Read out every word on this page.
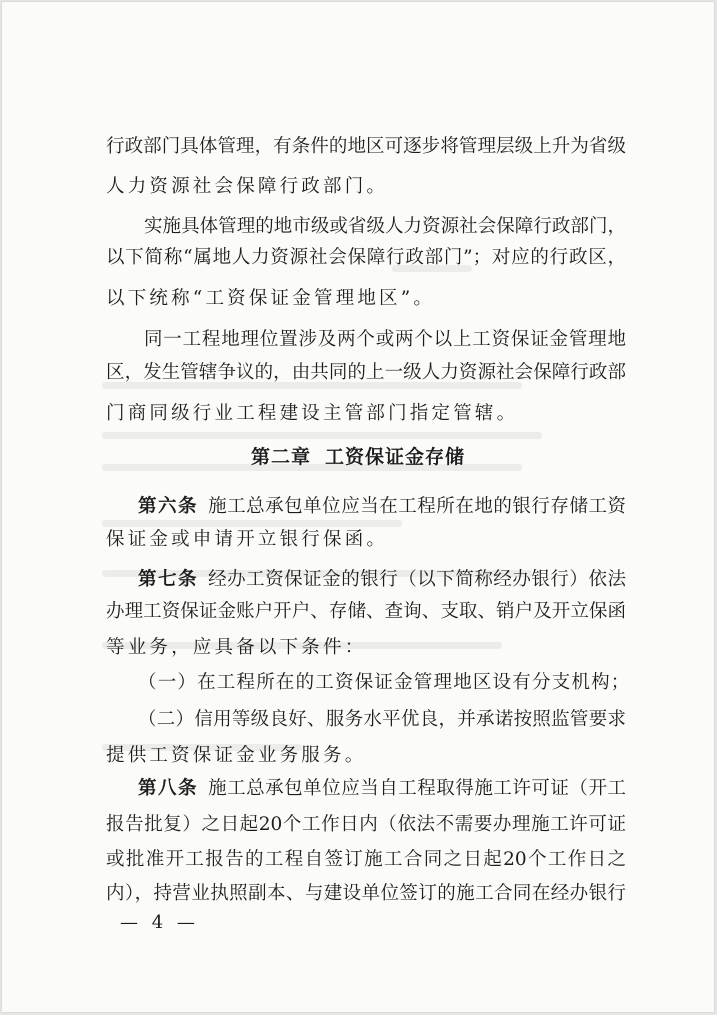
行政部门具体管理，有条件的地区可逐步将管理层级上升为省级
人力资源社会保障行政部门。
实施具体管理的地市级或省级人力资源社会保障行政部门，
以下简称“属地人力资源社会保障行政部门”；对应的行政区，
以下统称“工资保证金管理地区”。
同一工程地理位置涉及两个或两个以上工资保证金管理地
区，发生管辖争议的，由共同的上一级人力资源社会保障行政部
门商同级行业工程建设主管部门指定管辖。
第二章 工资保证金存储
第六条 施工总承包单位应当在工程所在地的银行存储工资
保证金或申请开立银行保函。
第七条 经办工资保证金的银行（以下简称经办银行）依法
办理工资保证金账户开户、存储、查询、支取、销户及开立保函
等业务，应具备以下条件：
（一）在工程所在的工资保证金管理地区设有分支机构；
（二）信用等级良好、服务水平优良，并承诺按照监管要求
提供工资保证金业务服务。
第八条 施工总承包单位应当自工程取得施工许可证（开工
报告批复）之日起20个工作日内（依法不需要办理施工许可证
或批准开工报告的工程自签订施工合同之日起20个工作日之
内），持营业执照副本、与建设单位签订的施工合同在经办银行
— 4 —
